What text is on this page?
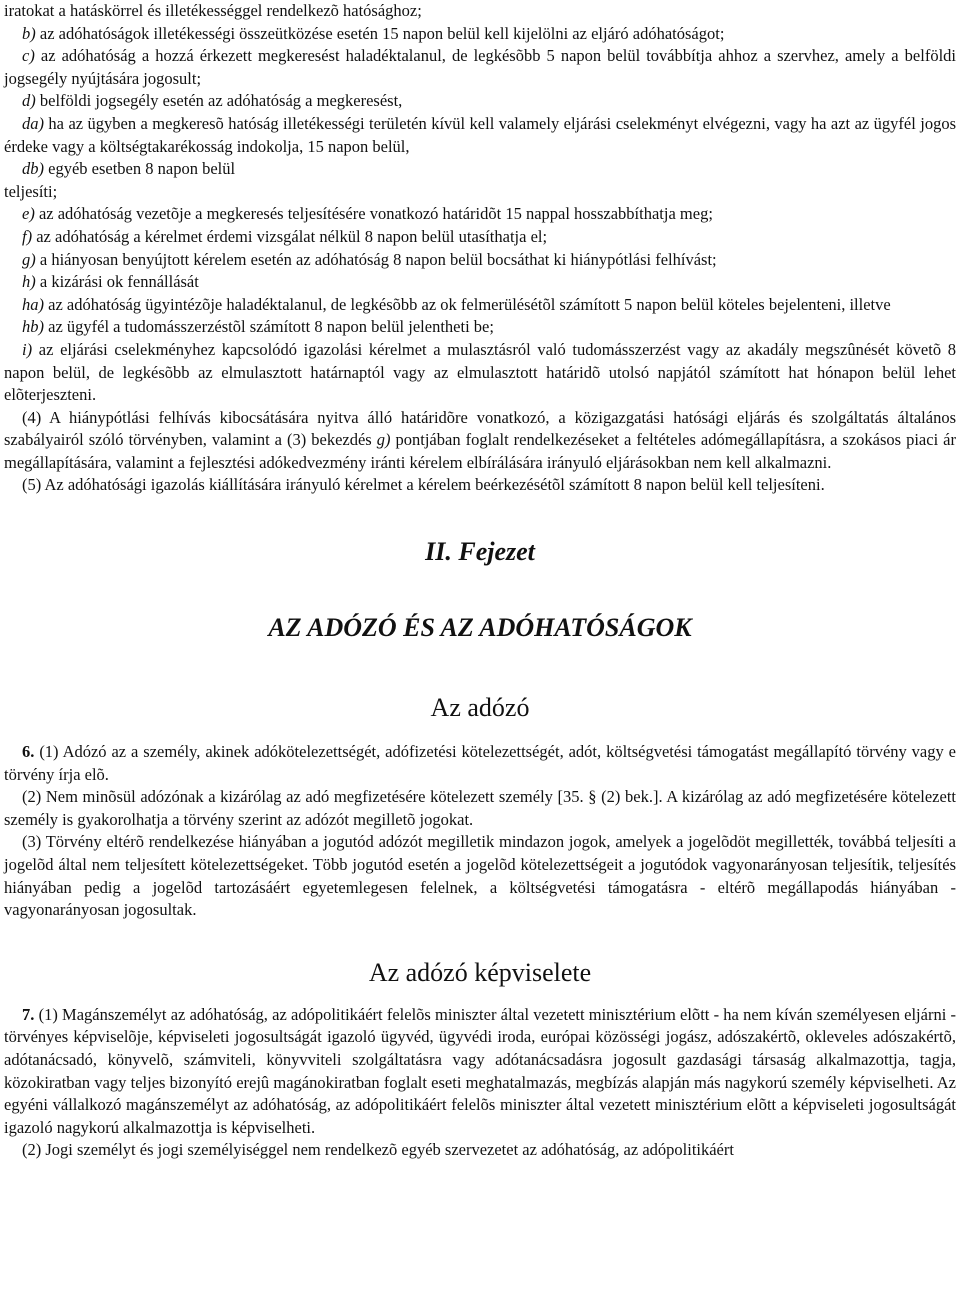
iratokat a hatáskörrel és illetékességgel rendelkezõ hatósághoz;

b) az adóhatóságok illetékességi összeütközése esetén 15 napon belül kell kijelölni az eljáró adóhatóságot;

c) az adóhatóság a hozzá érkezett megkeresést haladéktalanul, de legkésõbb 5 napon belül továbbítja ahhoz a szervhez, amely a belföldi jogsegély nyújtására jogosult;

d) belföldi jogsegély esetén az adóhatóság a megkeresést,

da) ha az ügyben a megkeresõ hatóság illetékességi területén kívül kell valamely eljárási cselekményt elvégezni, vagy ha azt az ügyfél jogos érdeke vagy a költségtakarékosság indokolja, 15 napon belül,

db) egyéb esetben 8 napon belül

teljesíti;

e) az adóhatóság vezetõje a megkeresés teljesítésére vonatkozó határidõt 15 nappal hosszabbíthatja meg;

f) az adóhatóság a kérelmet érdemi vizsgálat nélkül 8 napon belül utasíthatja el;

g) a hiányosan benyújtott kérelem esetén az adóhatóság 8 napon belül bocsáthat ki hiánypótlási felhívást;

h) a kizárási ok fennállását

ha) az adóhatóság ügyintézõje haladéktalanul, de legkésõbb az ok felmerülésétõl számított 5 napon belül köteles bejelenteni, illetve

hb) az ügyfél a tudomásszerzéstõl számított 8 napon belül jelentheti be;

i) az eljárási cselekményhez kapcsolódó igazolási kérelmet a mulasztásról való tudomásszerzést vagy az akadály megszûnését követõ 8 napon belül, de legkésõbb az elmulasztott határnaptól vagy az elmulasztott határidõ utolsó napjától számított hat hónapon belül lehet elõterjeszteni.

(4) A hiánypótlási felhívás kibocsátására nyitva álló határidõre vonatkozó, a közigazgatási hatósági eljárás és szolgáltatás általános szabályairól szóló törvényben, valamint a (3) bekezdés g) pontjában foglalt rendelkezéseket a feltételes adómegállapításra, a szokásos piaci ár megállapítására, valamint a fejlesztési adókedvezmény iránti kérelem elbírálására irányuló eljárásokban nem kell alkalmazni.

(5) Az adóhatósági igazolás kiállítására irányuló kérelmet a kérelem beérkezésétõl számított 8 napon belül kell teljesíteni.

II. Fejezet
AZ ADÓZÓ ÉS AZ ADÓHATÓSÁGOK
Az adózó

6. (1) Adózó az a személy, akinek adókötelezettségét, adófizetési kötelezettségét, adót, költségvetési támogatást megállapító törvény vagy e törvény írja elõ.

(2) Nem minõsül adózónak a kizárólag az adó megfizetésére kötelezett személy [35. § (2) bek.]. A kizárólag az adó megfizetésére kötelezett személy is gyakorolhatja a törvény szerint az adózót megilletõ jogokat.

(3) Törvény eltérõ rendelkezése hiányában a jogutód adózót megilletik mindazon jogok, amelyek a jogelõdöt megillették, továbbá teljesíti a jogelõd által nem teljesített kötelezettségeket. Több jogutód esetén a jogelõd kötelezettségeit a jogutódok vagyonarányosan teljesítik, teljesítés hiányában pedig a jogelõd tartozásáért egyetemlegesen felelnek, a költségvetési támogatásra - eltérõ megállapodás hiányában - vagyonarányosan jogosultak.

Az adózó képviselete

7. (1) Magánszemélyt az adóhatóság, az adópolitikáért felelõs miniszter által vezetett minisztérium elõtt - ha nem kíván személyesen eljárni - törvényes képviselõje, képviseleti jogosultságát igazoló ügyvéd, ügyvédi iroda, európai közösségi jogász, adószakértõ, okleveles adószakértõ, adótanácsadó, könyvelõ, számviteli, könyvviteli szolgáltatásra vagy adótanácsadásra jogosult gazdasági társaság alkalmazottja, tagja, közokiratban vagy teljes bizonyító erejû magánokiratban foglalt eseti meghatalmazás, megbízás alapján más nagykorú személy képviselheti. Az egyéni vállalkozó magánszemélyt az adóhatóság, az adópolitikáért felelõs miniszter által vezetett minisztérium elõtt a képviseleti jogosultságát igazoló nagykorú alkalmazottja is képviselheti.

(2) Jogi személyt és jogi személyiséggel nem rendelkezõ egyéb szervezetet az adóhatóság, az adópolitikáért
